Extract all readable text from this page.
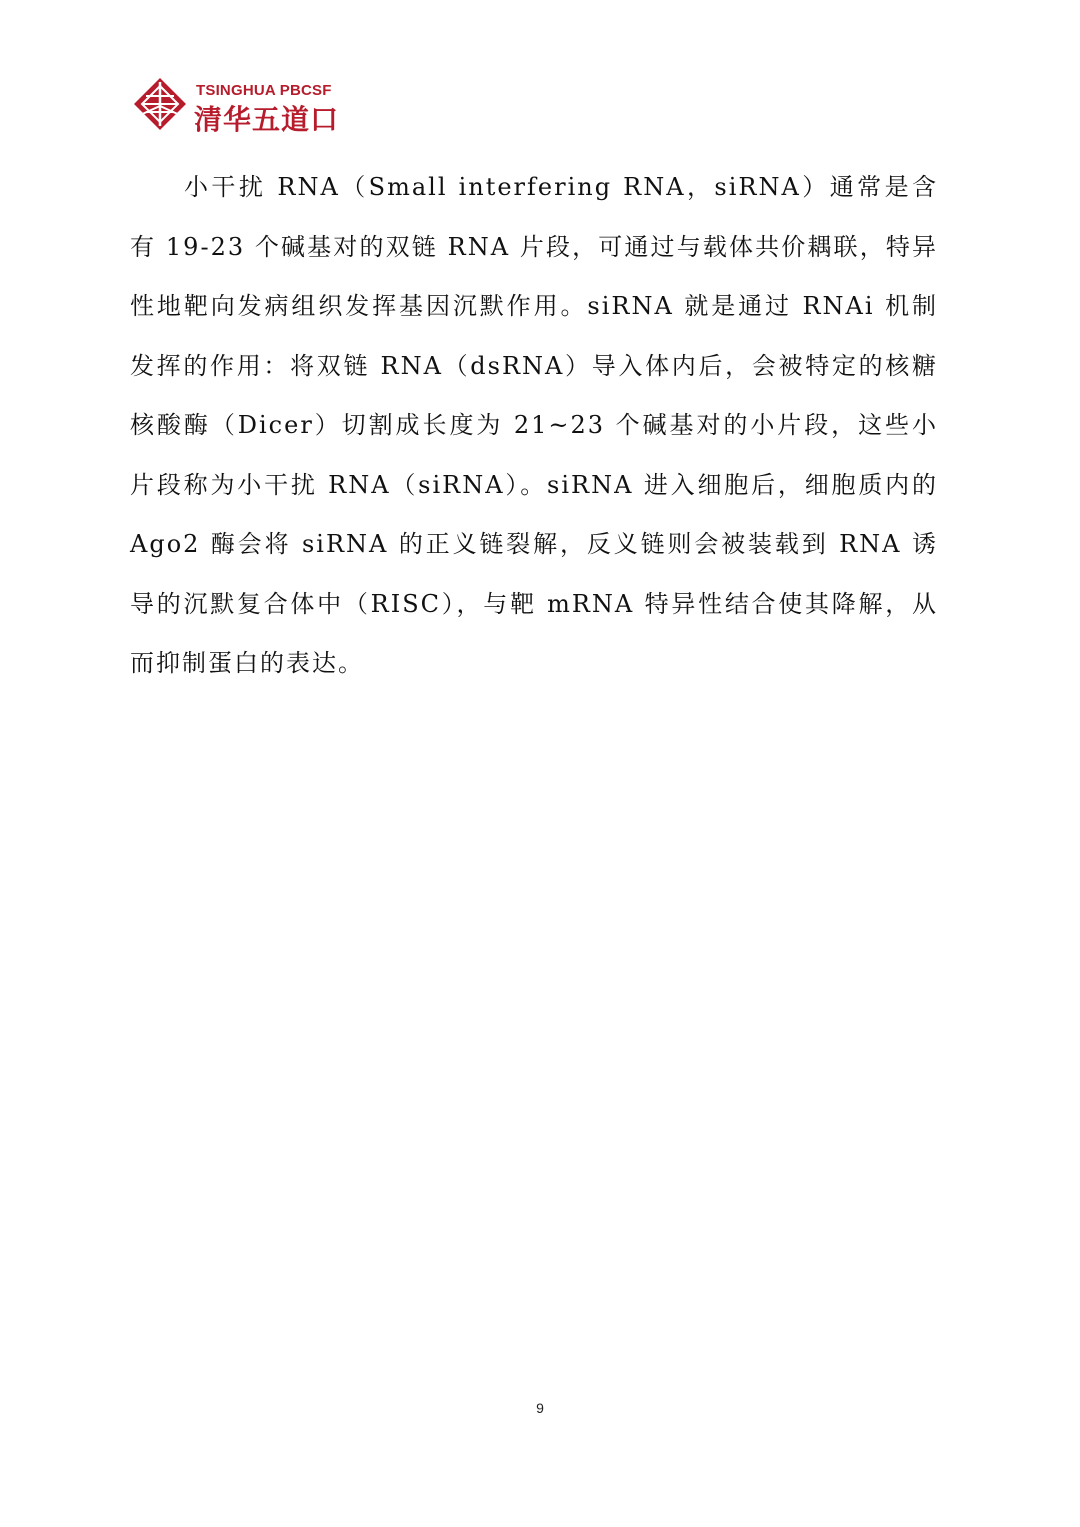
TSINGHUA PBCSF
清华五道口

小干扰 RNA（Small interfering RNA，siRNA）通常是含有 19-23 个碱基对的双链 RNA 片段，可通过与载体共价耦联，特异性地靶向发病组织发挥基因沉默作用。siRNA 就是通过 RNAi 机制发挥的作用：将双链 RNA（dsRNA）导入体内后，会被特定的核糖核酸酶（Dicer）切割成长度为 21~23 个碱基对的小片段，这些小片段称为小干扰 RNA（siRNA）。siRNA 进入细胞后，细胞质内的 Ago2 酶会将 siRNA 的正义链裂解，反义链则会被装载到 RNA 诱导的沉默复合体中（RISC），与靶 mRNA 特异性结合使其降解，从而抑制蛋白的表达。

9
